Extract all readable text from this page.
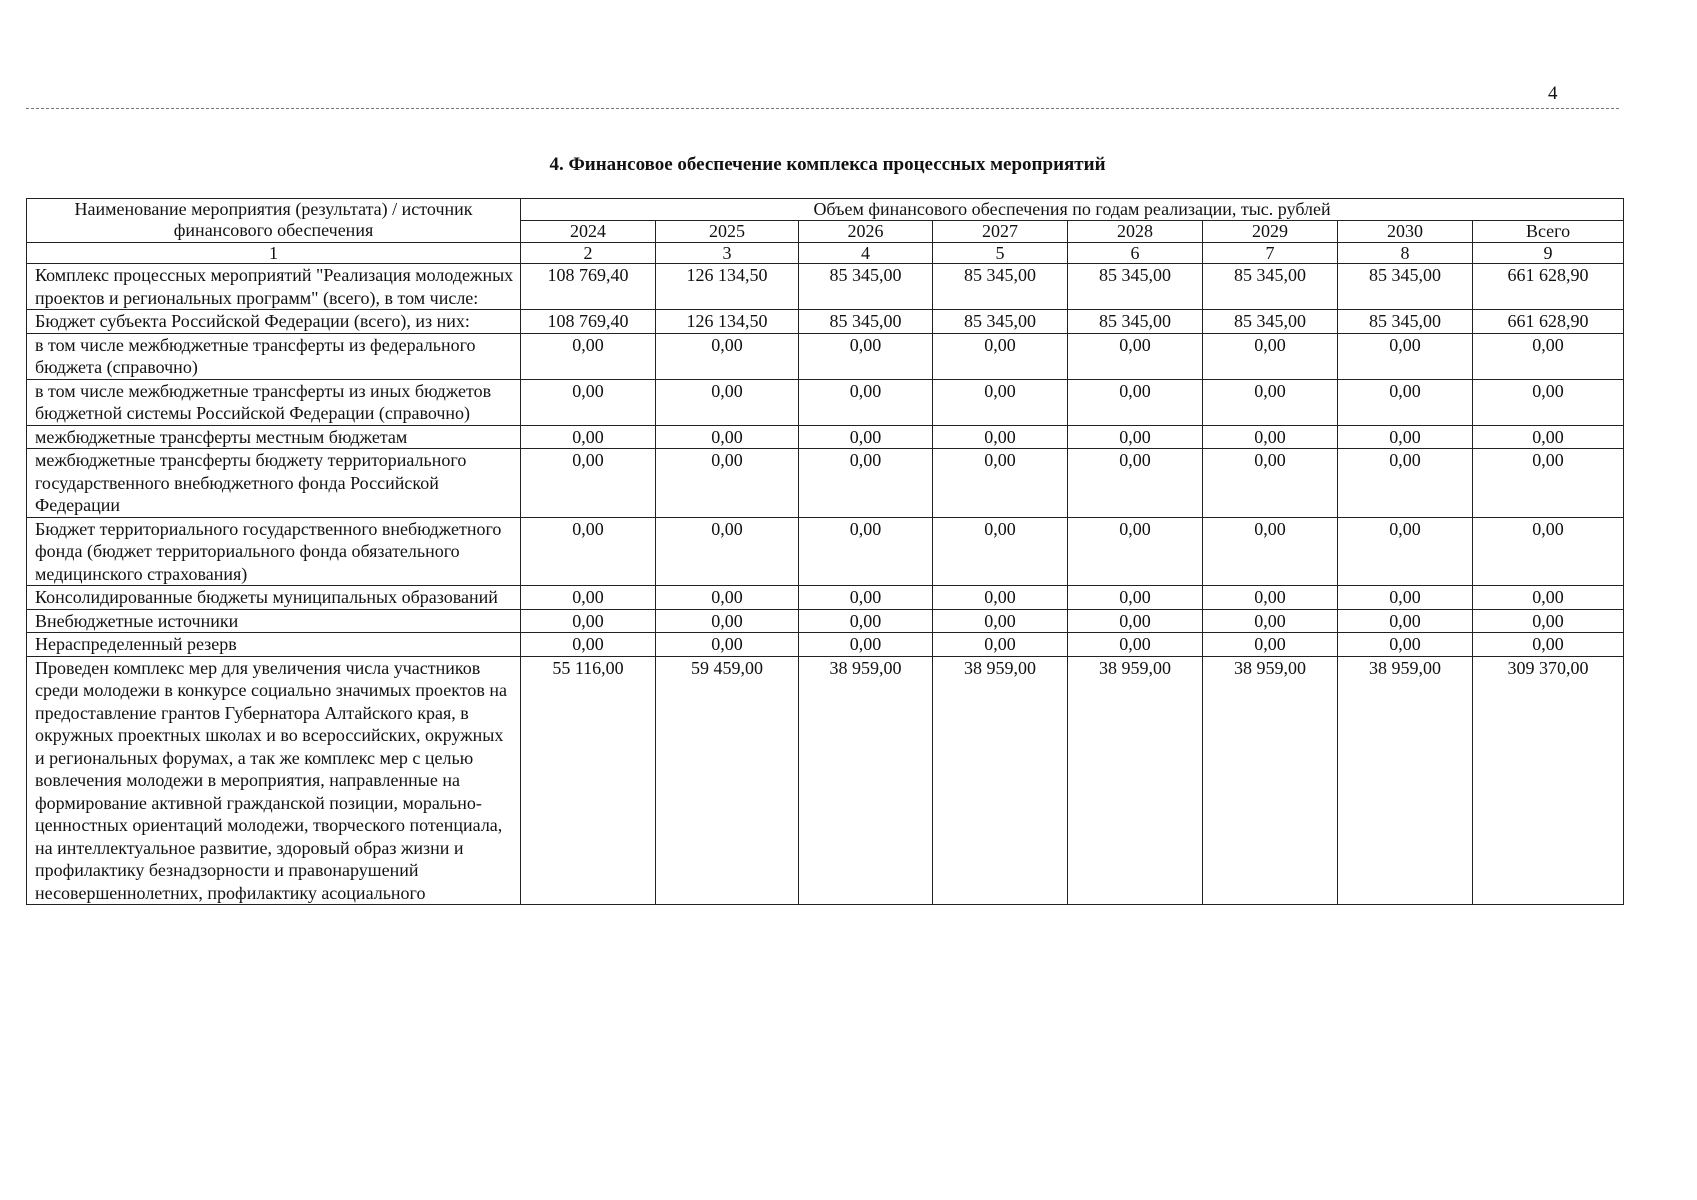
4
4. Финансовое обеспечение комплекса процессных мероприятий
Наименование мероприятия (результата) / источник финансового обеспечения	Объем финансового обеспечения по годам реализации, тыс. рублей							
	2024	2025	2026	2027	2028	2029	2030	Всего
1	2	3	4	5	6	7	8	9
Комплекс процессных мероприятий "Реализация молодежных проектов и региональных программ" (всего), в том числе:	108 769,40	126 134,50	85 345,00	85 345,00	85 345,00	85 345,00	85 345,00	661 628,90
Бюджет субъекта Российской Федерации (всего), из них:	108 769,40	126 134,50	85 345,00	85 345,00	85 345,00	85 345,00	85 345,00	661 628,90
в том числе межбюджетные трансферты из федерального бюджета (справочно)	0,00	0,00	0,00	0,00	0,00	0,00	0,00	0,00
в том числе межбюджетные трансферты из иных бюджетов бюджетной системы Российской Федерации (справочно)	0,00	0,00	0,00	0,00	0,00	0,00	0,00	0,00
межбюджетные трансферты местным бюджетам	0,00	0,00	0,00	0,00	0,00	0,00	0,00	0,00
межбюджетные трансферты бюджету территориального государственного внебюджетного фонда Российской Федерации	0,00	0,00	0,00	0,00	0,00	0,00	0,00	0,00
Бюджет территориального государственного внебюджетного фонда (бюджет территориального фонда обязательного медицинского страхования)	0,00	0,00	0,00	0,00	0,00	0,00	0,00	0,00
Консолидированные бюджеты муниципальных образований	0,00	0,00	0,00	0,00	0,00	0,00	0,00	0,00
Внебюджетные источники	0,00	0,00	0,00	0,00	0,00	0,00	0,00	0,00
Нераспределенный резерв	0,00	0,00	0,00	0,00	0,00	0,00	0,00	0,00
Проведен комплекс мер для увеличения числа участников среди молодежи в конкурсе социально значимых проектов на предоставление грантов Губернатора Алтайского края, в окружных проектных школах и во всероссийских, окружных и региональных форумах, а так же комплекс мер с целью вовлечения молодежи в мероприятия, направленные на формирование активной гражданской позиции, морально-ценностных ориентаций молодежи, творческого потенциала, на интеллектуальное развитие, здоровый образ жизни и профилактику безнадзорности и правонарушений несовершеннолетних, профилактику асоциального	55 116,00	59 459,00	38 959,00	38 959,00	38 959,00	38 959,00	38 959,00	309 370,00
